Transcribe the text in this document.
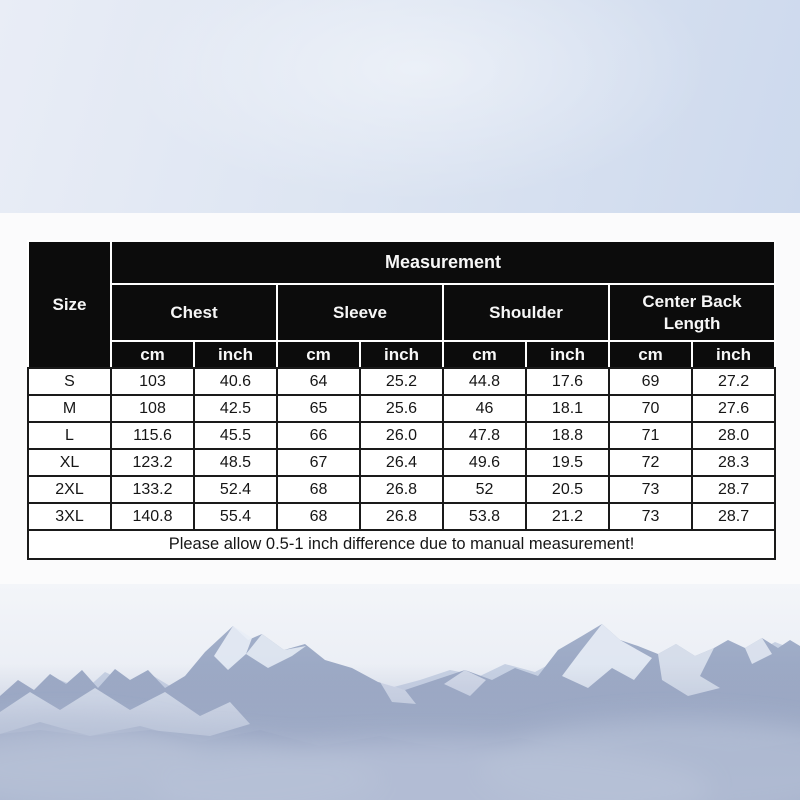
Size	Measurement							
	Chest		Sleeve		Shoulder		Center Back Length	
	cm	inch	cm	inch	cm	inch	cm	inch
S	103	40.6	64	25.2	44.8	17.6	69	27.2
M	108	42.5	65	25.6	46	18.1	70	27.6
L	115.6	45.5	66	26.0	47.8	18.8	71	28.0
XL	123.2	48.5	67	26.4	49.6	19.5	72	28.3
2XL	133.2	52.4	68	26.8	52	20.5	73	28.7
3XL	140.8	55.4	68	26.8	53.8	21.2	73	28.7
Please allow 0.5-1 inch difference due to manual measurement!								
